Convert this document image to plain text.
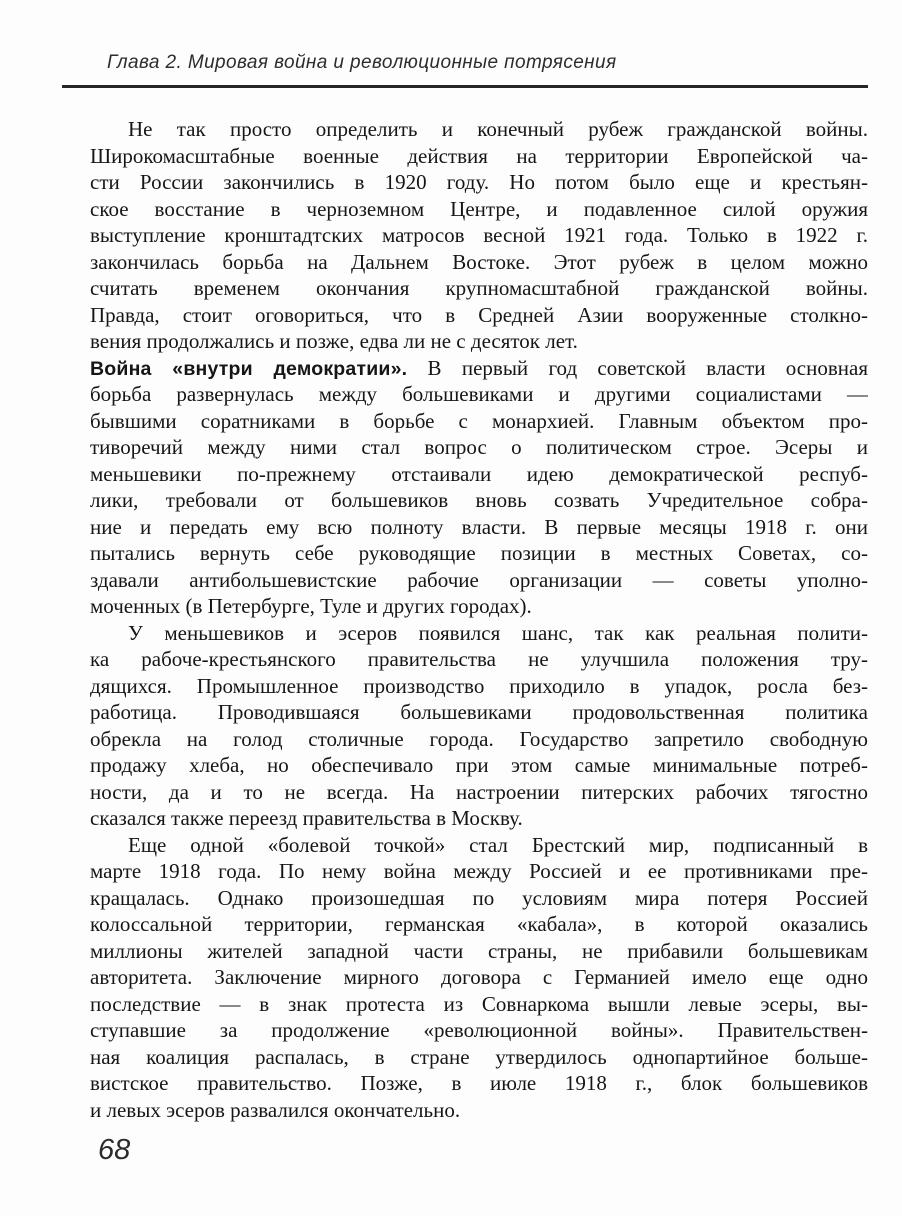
Глава 2. Мировая война и революционные потрясения
Не так просто определить и конечный рубеж гражданской войны.
Широкомасштабные военные действия на территории Европейской ча-
сти России закончились в 1920 году. Но потом было еще и крестьян-
ское восстание в черноземном Центре, и подавленное силой оружия
выступление кронштадтских матросов весной 1921 года. Только в 1922 г.
закончилась борьба на Дальнем Востоке. Этот рубеж в целом можно
считать временем окончания крупномасштабной гражданской войны.
Правда, стоит оговориться, что в Средней Азии вооруженные столкно-
вения продолжались и позже, едва ли не с десяток лет.
Война «внутри демократии». В первый год советской власти основная
борьба развернулась между большевиками и другими социалистами —
бывшими соратниками в борьбе с монархией. Главным объектом про-
тиворечий между ними стал вопрос о политическом строе. Эсеры и
меньшевики по-прежнему отстаивали идею демократической респуб-
лики, требовали от большевиков вновь созвать Учредительное собра-
ние и передать ему всю полноту власти. В первые месяцы 1918 г. они
пытались вернуть себе руководящие позиции в местных Советах, со-
здавали антибольшевистские рабочие организации — советы уполно-
моченных (в Петербурге, Туле и других городах).
У меньшевиков и эсеров появился шанс, так как реальная полити-
ка рабоче-крестьянского правительства не улучшила положения тру-
дящихся. Промышленное производство приходило в упадок, росла без-
работица. Проводившаяся большевиками продовольственная политика
обрекла на голод столичные города. Государство запретило свободную
продажу хлеба, но обеспечивало при этом самые минимальные потреб-
ности, да и то не всегда. На настроении питерских рабочих тягостно
сказался также переезд правительства в Москву.
Еще одной «болевой точкой» стал Брестский мир, подписанный в
марте 1918 года. По нему война между Россией и ее противниками пре-
кращалась. Однако произошедшая по условиям мира потеря Россией
колоссальной территории, германская «кабала», в которой оказались
миллионы жителей западной части страны, не прибавили большевикам
авторитета. Заключение мирного договора с Германией имело еще одно
последствие — в знак протеста из Совнаркома вышли левые эсеры, вы-
ступавшие за продолжение «революционной войны». Правительствен-
ная коалиция распалась, в стране утвердилось однопартийное больше-
вистское правительство. Позже, в июле 1918 г., блок большевиков
и левых эсеров развалился окончательно.
68
